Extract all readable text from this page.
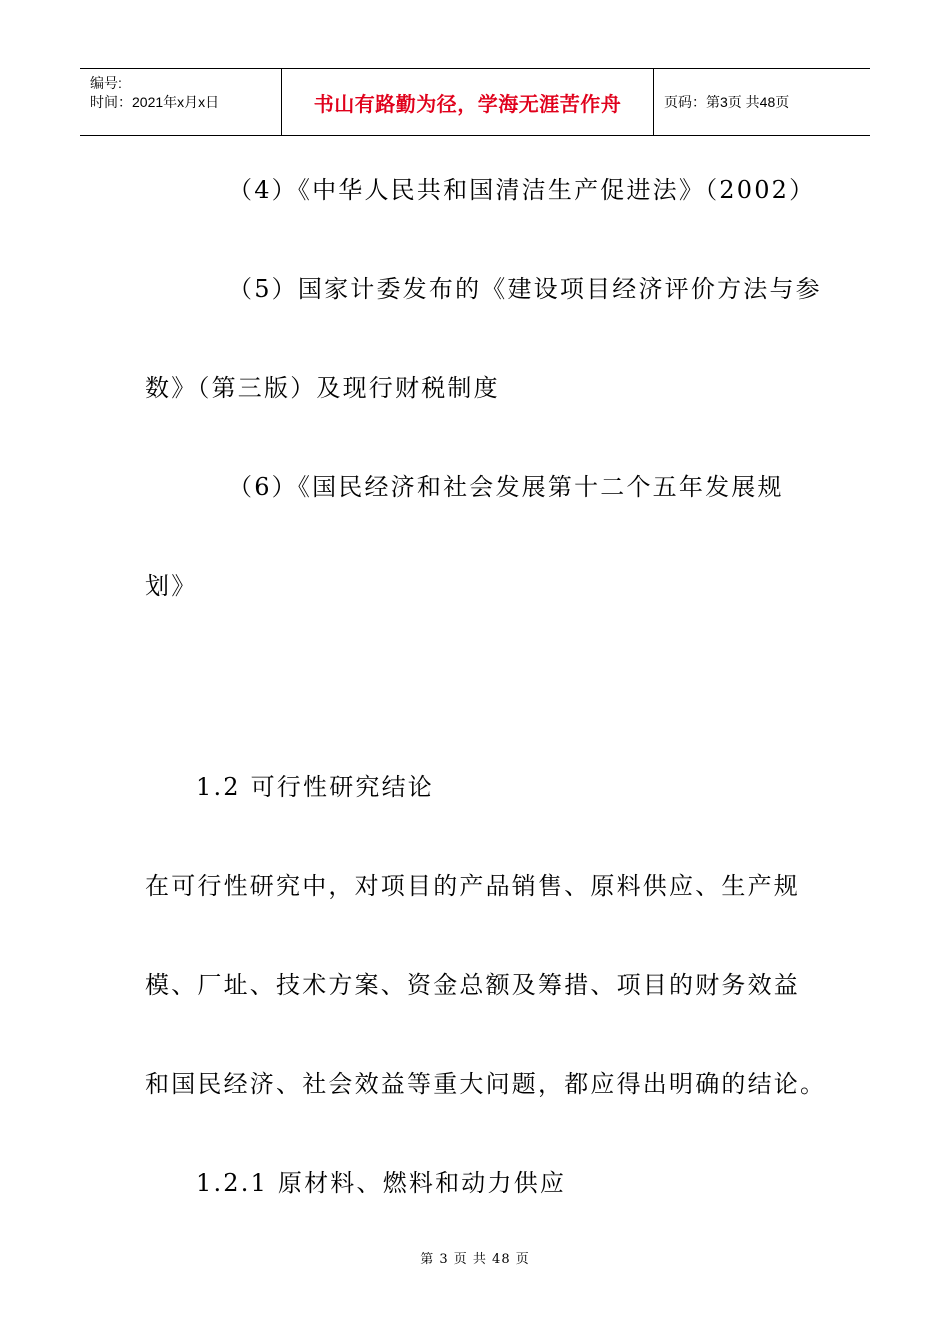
编号:
时间：2021年x月x日	书山有路勤为径，学海无涯苦作舟	页码：第3页 共48页
（4）《中华人民共和国清洁生产促进法》（2002）
（5）国家计委发布的《建设项目经济评价方法与参
数》（第三版）及现行财税制度
（6）《国民经济和社会发展第十二个五年发展规
划》
1.2 可行性研究结论
在可行性研究中，对项目的产品销售、原料供应、生产规
模、厂址、技术方案、资金总额及筹措、项目的财务效益
和国民经济、社会效益等重大问题，都应得出明确的结论。
1.2.1 原材料、燃料和动力供应
第 3 页 共 48 页
